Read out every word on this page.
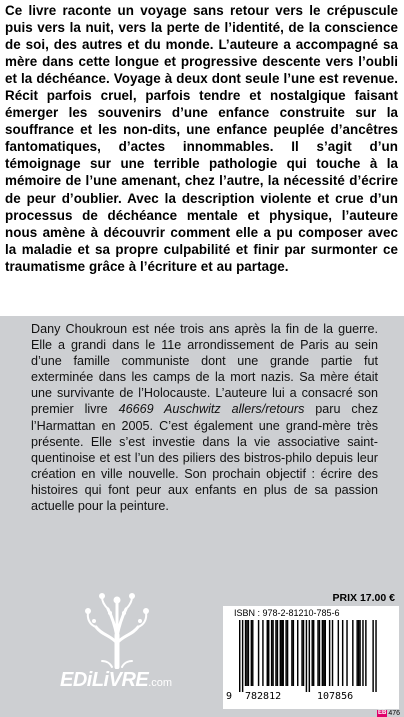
Ce livre raconte un voyage sans retour vers le crépuscule puis vers la nuit, vers la perte de l’identité, de la conscience de soi, des autres et du monde. L’auteure a accompagné sa mère dans cette longue et progressive descente vers l’oubli et la déchéance. Voyage à deux dont seule l’une est revenue. Récit parfois cruel, parfois tendre et nostalgique faisant émerger les souvenirs d’une enfance construite sur la souffrance et les non-dits, une enfance peuplée d’ancêtres fantomatiques, d’actes innommables. Il s’agit d’un témoignage sur une terrible pathologie qui touche à la mémoire de l’une amenant, chez l’autre, la nécessité d’écrire de peur d’oublier. Avec la description violente et crue d’un processus de déchéance mentale et physique, l’auteure nous amène à découvrir comment elle a pu composer avec la maladie et sa propre culpabilité et finir par surmonter ce traumatisme grâce à l’écriture et au partage.

Dany Choukroun est née trois ans après la fin de la guerre. Elle a grandi dans le 11e arrondissement de Paris au sein d’une famille communiste dont une grande partie fut exterminée dans les camps de la mort nazis. Sa mère était une survivante de l’Holocauste. L’auteure lui a consacré son premier livre 46669 Auschwitz allers/retours paru chez l’Harmattan en 2005. C’est également une grand-mère très présente. Elle s’est investie dans la vie associative saint-quentinoise et est l’un des piliers des bistros-philo depuis leur création en ville nouvelle. Son prochain objectif : écrire des histoires qui font peur aux enfants en plus de sa passion actuelle pour la peinture.

EDiLiVRE.com
PRIX 17.00 €
ISBN : 978-2-81210-785-6
9 782812	107856
EB 476
